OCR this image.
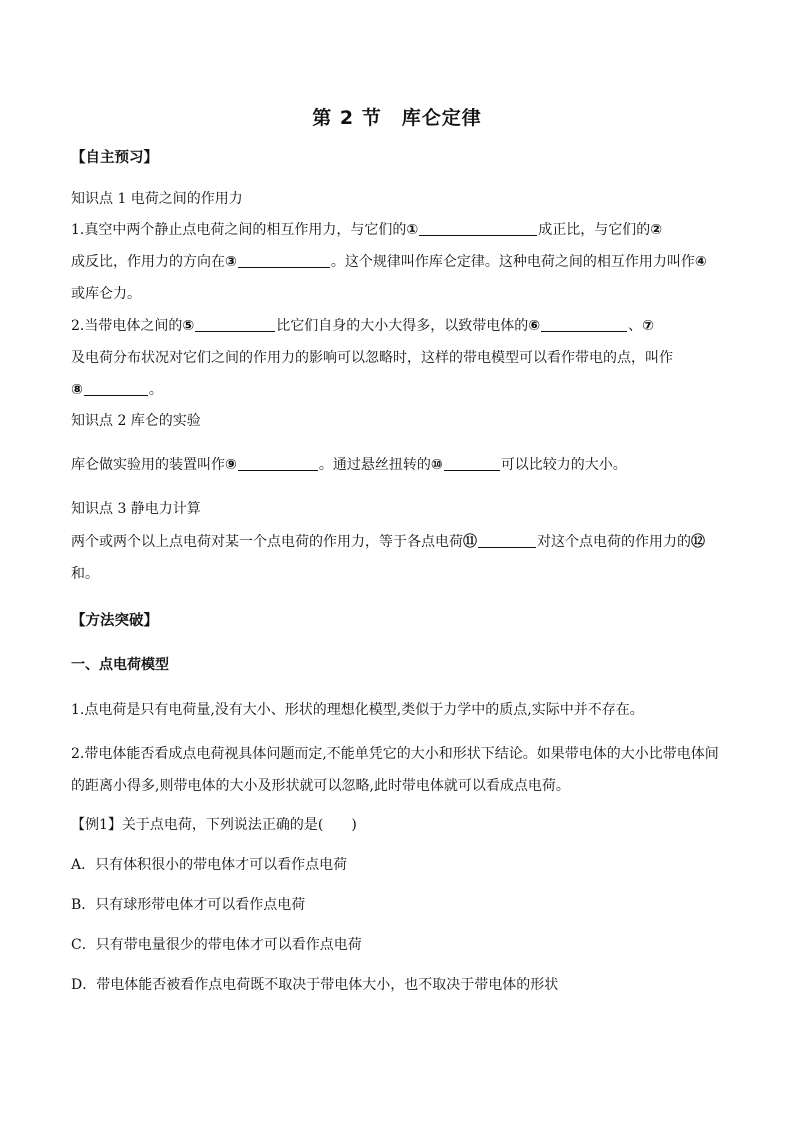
第 2 节　库仑定律
【自主预习】
知识点 1 电荷之间的作用力
1.真空中两个静止点电荷之间的相互作用力，与它们的①	成正比，与它们的②
成反比，作用力的方向在③	。这个规律叫作库仑定律。这种电荷之间的相互作用力叫作④
或库仑力。
2.当带电体之间的⑤	比它们自身的大小大得多，以致带电体的⑥	、⑦
及电荷分布状况对它们之间的作用力的影响可以忽略时，这样的带电模型可以看作带电的点，叫作
⑧	。
知识点 2 库仑的实验
库仑做实验用的装置叫作⑨	。通过悬丝扭转的⑩	可以比较力的大小。
知识点 3 静电力计算
两个或两个以上点电荷对某一个点电荷的作用力，等于各点电荷⑪	对这个点电荷的作用力的⑫
和。
【方法突破】
一、点电荷模型
1.点电荷是只有电荷量,没有大小、形状的理想化模型,类似于力学中的质点,实际中并不存在。
2.带电体能否看成点电荷视具体问题而定,不能单凭它的大小和形状下结论。如果带电体的大小比带电体间
的距离小得多,则带电体的大小及形状就可以忽略,此时带电体就可以看成点电荷。
【例1】关于点电荷，下列说法正确的是(　　)
A．只有体积很小的带电体才可以看作点电荷
B．只有球形带电体才可以看作点电荷
C．只有带电量很少的带电体才可以看作点电荷
D．带电体能否被看作点电荷既不取决于带电体大小，也不取决于带电体的形状
